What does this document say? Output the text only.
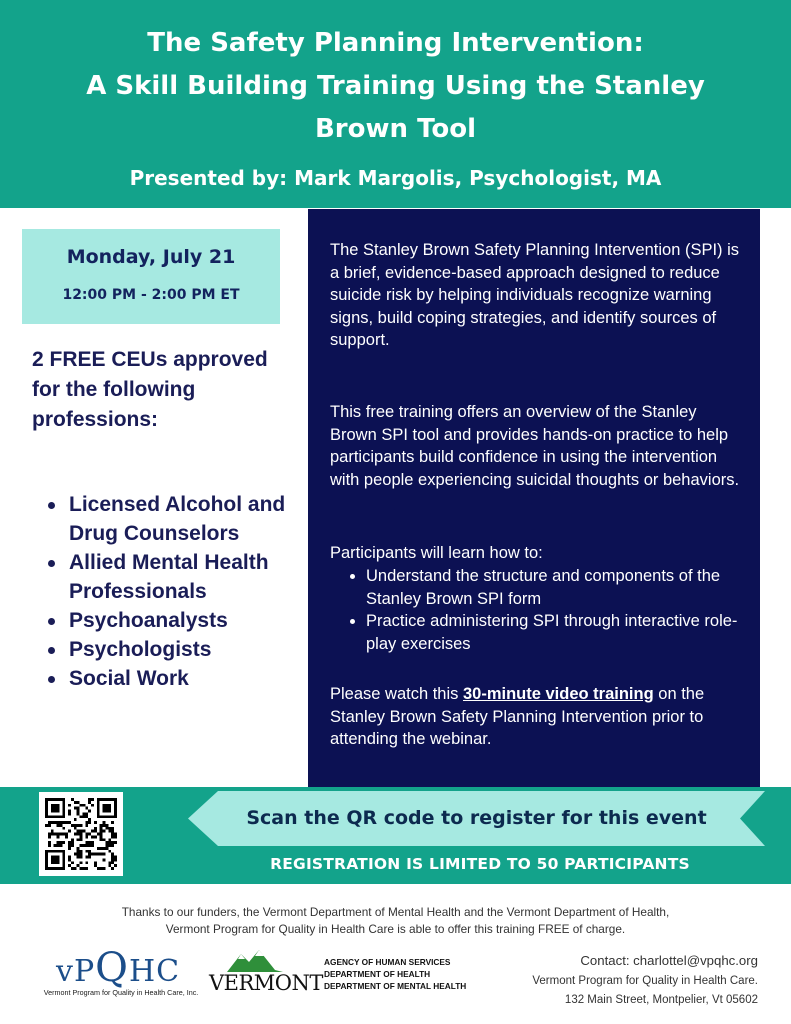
The Safety Planning Intervention:
A Skill Building Training Using the Stanley
Brown Tool
Presented by: Mark Margolis, Psychologist, MA
Monday, July 21
12:00 PM - 2:00 PM ET
2 FREE CEUs approved for the following professions:
Licensed Alcohol and Drug Counselors
Allied Mental Health Professionals
Psychoanalysts
Psychologists
Social Work
The Stanley Brown Safety Planning Intervention (SPI) is a brief, evidence-based approach designed to reduce suicide risk by helping individuals recognize warning signs, build coping strategies, and identify sources of support.
This free training offers an overview of the Stanley Brown SPI tool and provides hands-on practice to help participants build confidence in using the intervention with people experiencing suicidal thoughts or behaviors.
Participants will learn how to:
Understand the structure and components of the Stanley Brown SPI form
Practice administering SPI through interactive role-play exercises
Please watch this 30-minute video training on the Stanley Brown Safety Planning Intervention prior to attending the webinar.
Scan the QR code to register for this event
REGISTRATION IS LIMITED TO 50 PARTICIPANTS
Thanks to our funders, the Vermont Department of Mental Health and the Vermont Department of Health,
Vermont Program for Quality in Health Care is able to offer this training FREE of charge.
vPQHC
Vermont Program for Quality in Health Care, Inc. VERMONT
AGENCY OF HUMAN SERVICES
DEPARTMENT OF HEALTH
DEPARTMENT OF MENTAL HEALTH
Contact: charlottel@vpqhc.org
Vermont Program for Quality in Health Care.
132 Main Street, Montpelier, Vt 05602
